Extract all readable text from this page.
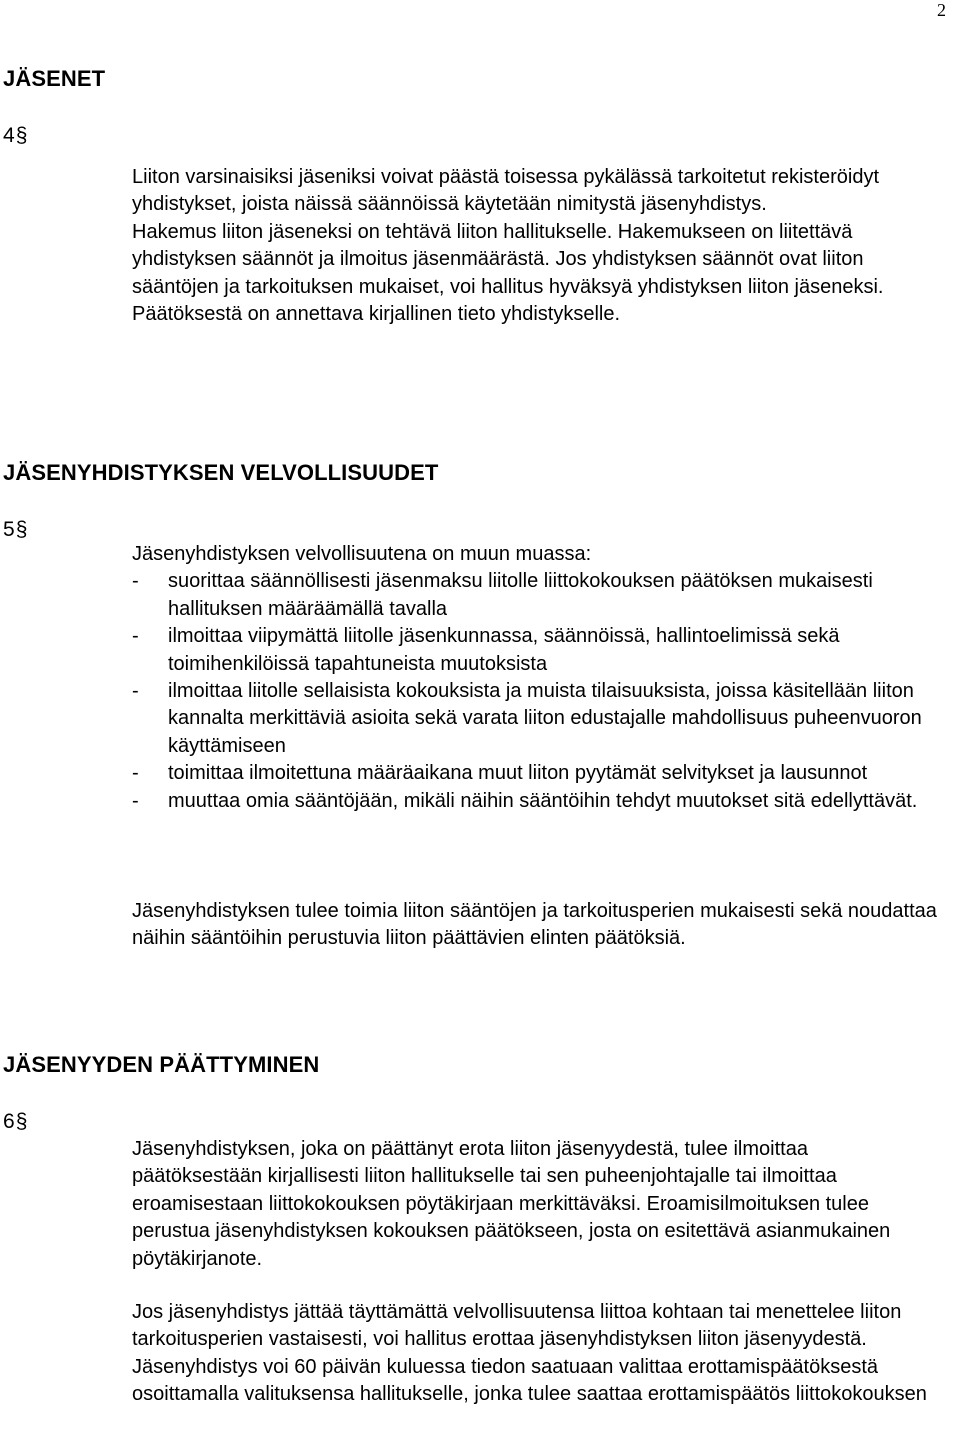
2
JÄSENET
4§

Liiton varsinaisiksi jäseniksi voivat päästä toisessa pykälässä tarkoitetut rekisteröidyt yhdistykset, joista näissä säännöissä käytetään nimitystä jäsenyhdistys.

Hakemus liiton jäseneksi on tehtävä liiton hallitukselle. Hakemukseen on liitettävä yhdistyksen säännöt ja ilmoitus jäsenmäärästä. Jos yhdistyksen säännöt ovat liiton sääntöjen ja tarkoituksen mukaiset, voi hallitus hyväksyä yhdistyksen liiton jäseneksi. Päätöksestä on annettava kirjallinen tieto yhdistykselle.

JÄSENYHDISTYKSEN VELVOLLISUUDET
5§

Jäsenyhdistyksen velvollisuutena on muun muassa:

- suorittaa säännöllisesti jäsenmaksu liitolle liittokokouksen päätöksen mukaisesti hallituksen määräämällä tavalla
- ilmoittaa viipymättä liitolle jäsenkunnassa, säännöissä, hallintoelimissä sekä toimihenkilöissä tapahtuneista muutoksista
- ilmoittaa liitolle sellaisista kokouksista ja muista tilaisuuksista, joissa käsitellään liiton kannalta merkittäviä asioita sekä varata liiton edustajalle mahdollisuus puheenvuoron käyttämiseen
- toimittaa ilmoitettuna määräaikana muut liiton pyytämät selvitykset ja lausunnot
- muuttaa omia sääntöjään, mikäli näihin sääntöihin tehdyt muutokset sitä edellyttävät.

Jäsenyhdistyksen tulee toimia liiton sääntöjen ja tarkoitusperien mukaisesti sekä noudattaa näihin sääntöihin perustuvia liiton päättävien elinten päätöksiä.

JÄSENYYDEN PÄÄTTYMINEN
6§

Jäsenyhdistyksen, joka on päättänyt erota liiton jäsenyydestä, tulee ilmoittaa päätöksestään kirjallisesti liiton hallitukselle tai sen puheenjohtajalle tai ilmoittaa eroamisestaan liittokokouksen pöytäkirjaan merkittäväksi. Eroamisilmoituksen tulee perustua jäsenyhdistyksen kokouksen päätökseen, josta on esitettävä asianmukainen pöytäkirjanote.

Jos jäsenyhdistys jättää täyttämättä velvollisuutensa liittoa kohtaan tai menettelee liiton tarkoitusperien vastaisesti, voi hallitus erottaa jäsenyhdistyksen liiton jäsenyydestä. Jäsenyhdistys voi 60 päivän kuluessa tiedon saatuaan valittaa erottamispäätöksestä osoittamalla valituksensa hallitukselle, jonka tulee saattaa erottamispäätös liittokokouksen
